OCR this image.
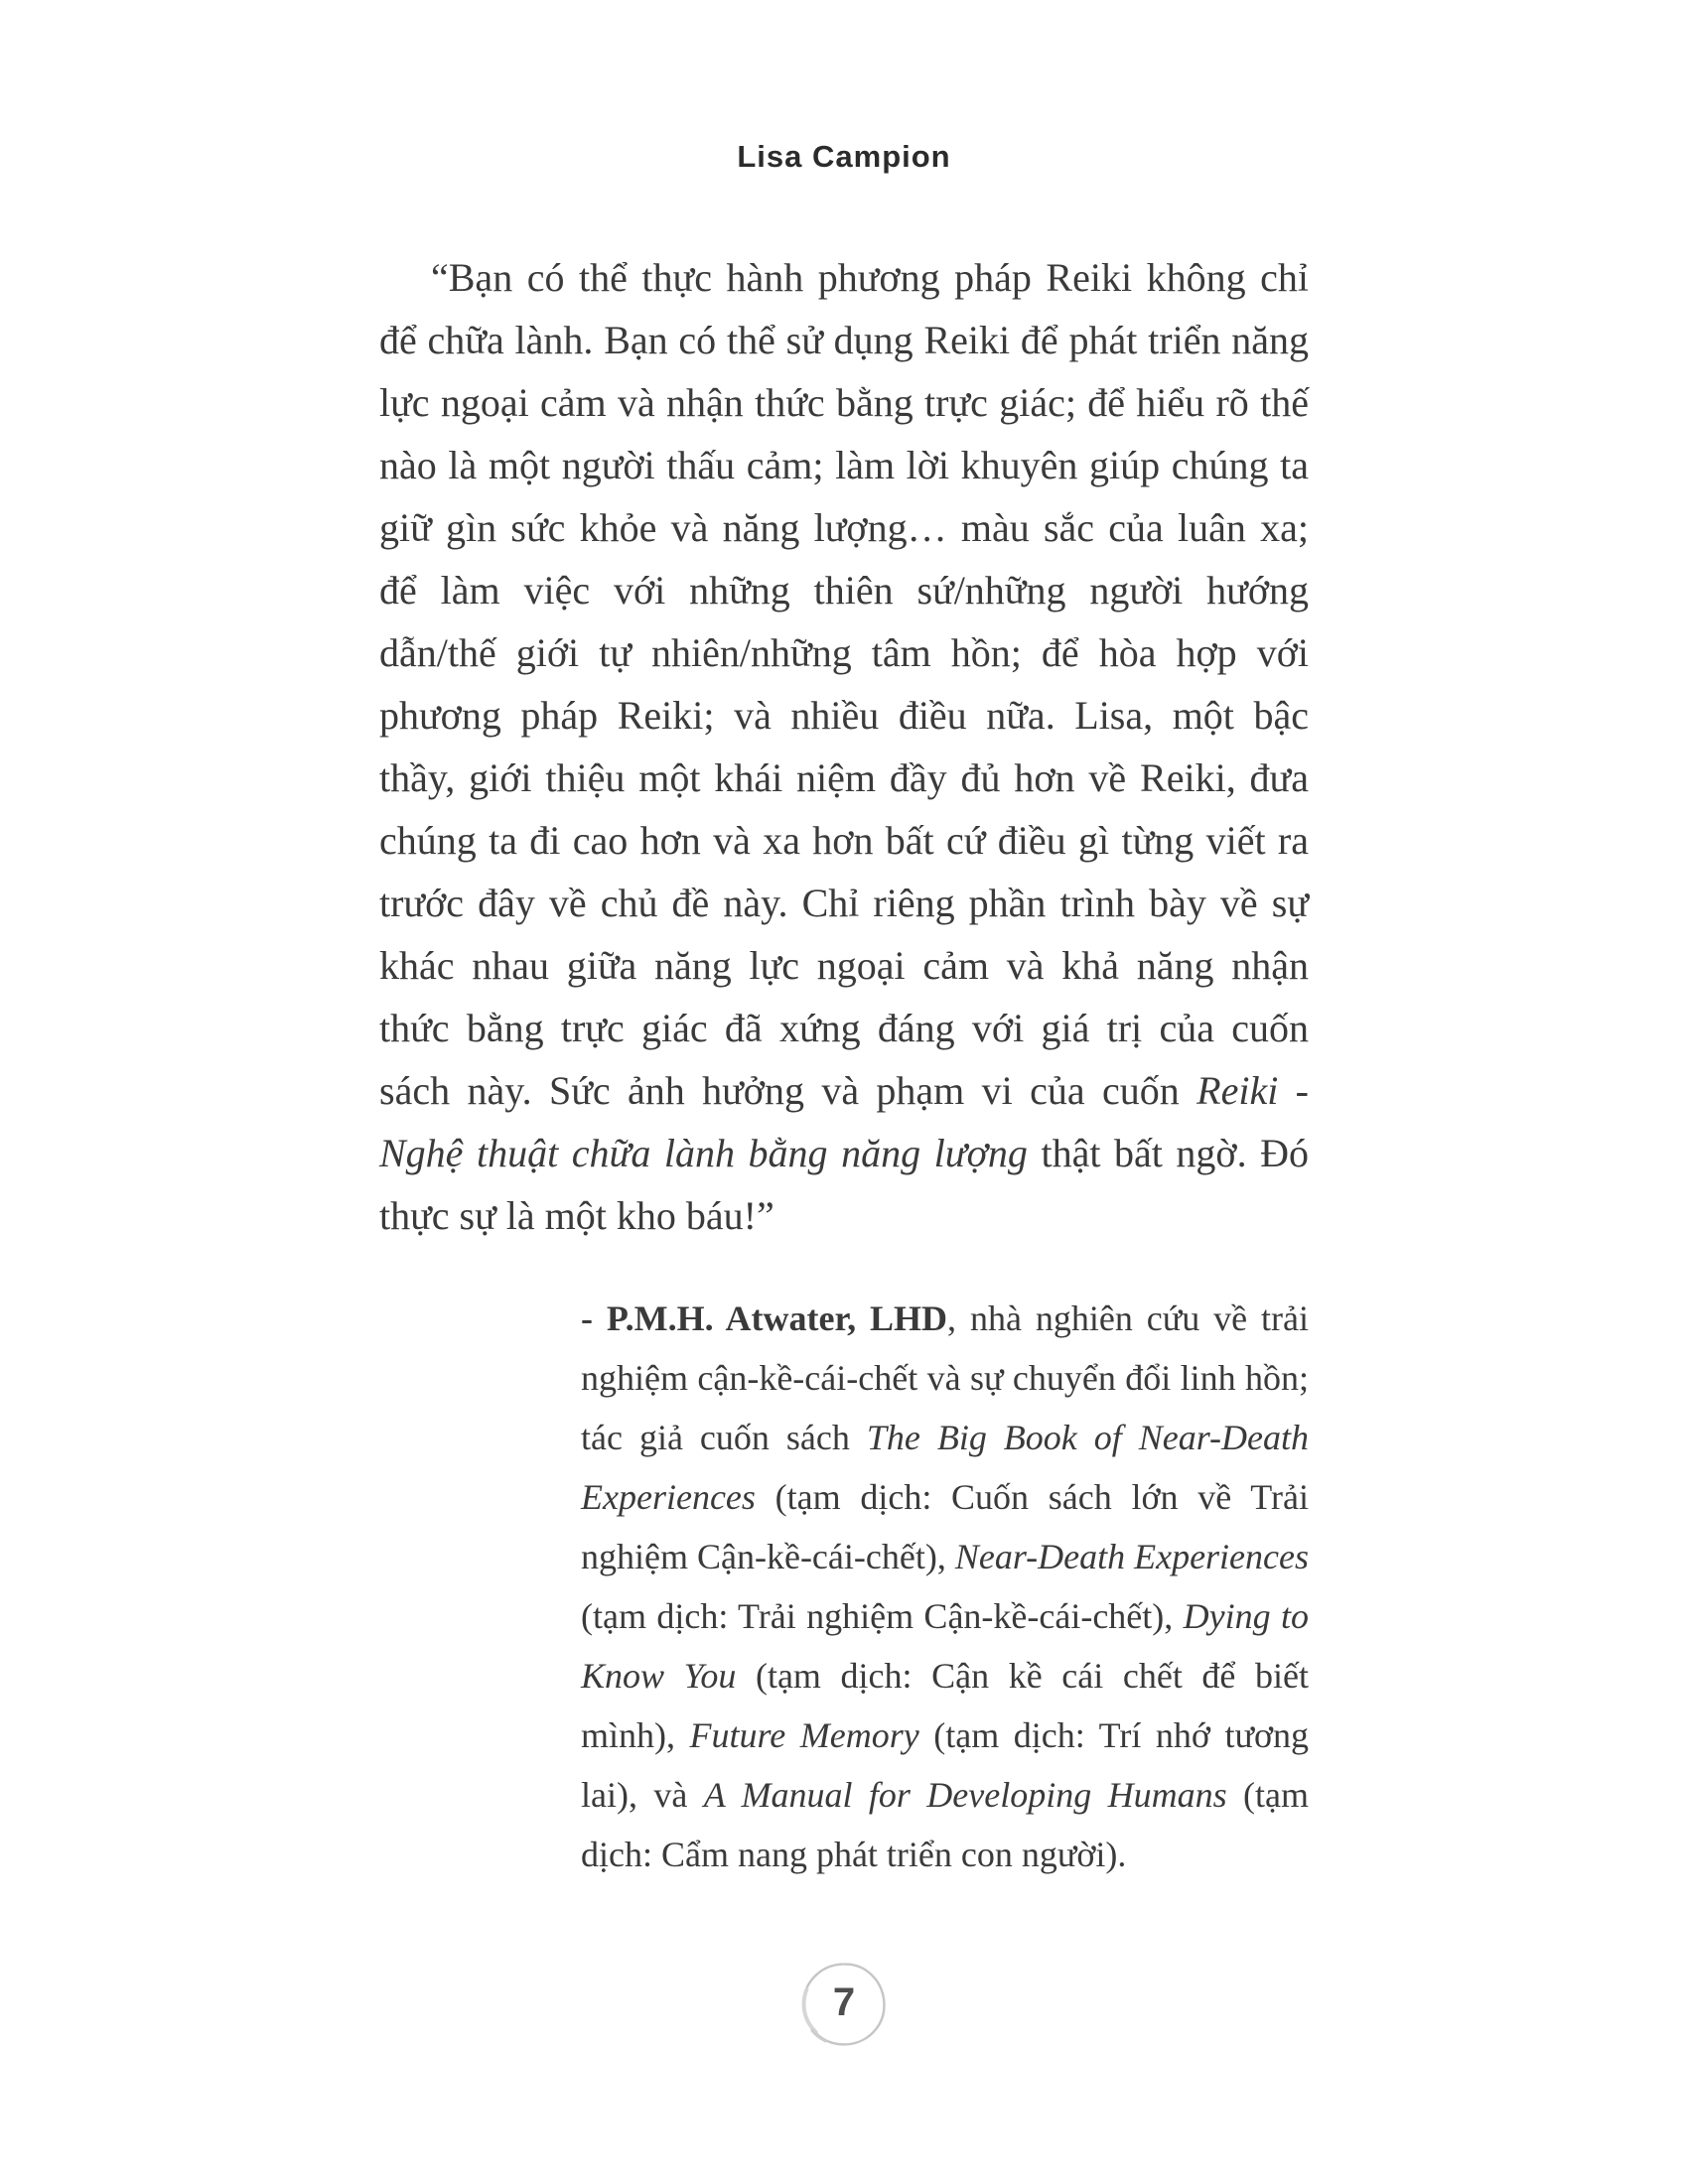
Lisa Campion

“Bạn có thể thực hành phương pháp Reiki không chỉ để chữa lành. Bạn có thể sử dụng Reiki để phát triển năng lực ngoại cảm và nhận thức bằng trực giác; để hiểu rõ thế nào là một người thấu cảm; làm lời khuyên giúp chúng ta giữ gìn sức khỏe và năng lượng… màu sắc của luân xa; để làm việc với những thiên sứ/những người hướng dẫn/thế giới tự nhiên/những tâm hồn; để hòa hợp với phương pháp Reiki; và nhiều điều nữa. Lisa, một bậc thầy, giới thiệu một khái niệm đầy đủ hơn về Reiki, đưa chúng ta đi cao hơn và xa hơn bất cứ điều gì từng viết ra trước đây về chủ đề này. Chỉ riêng phần trình bày về sự khác nhau giữa năng lực ngoại cảm và khả năng nhận thức bằng trực giác đã xứng đáng với giá trị của cuốn sách này. Sức ảnh hưởng và phạm vi của cuốn Reiki - Nghệ thuật chữa lành bằng năng lượng thật bất ngờ. Đó thực sự là một kho báu!”

- P.M.H. Atwater, LHD, nhà nghiên cứu về trải nghiệm cận-kề-cái-chết và sự chuyển đổi linh hồn; tác giả cuốn sách The Big Book of Near-Death Experiences (tạm dịch: Cuốn sách lớn về Trải nghiệm Cận-kề-cái-chết), Near-Death Experiences (tạm dịch: Trải nghiệm Cận-kề-cái-chết), Dying to Know You (tạm dịch: Cận kề cái chết để biết mình), Future Memory (tạm dịch: Trí nhớ tương lai), và A Manual for Developing Humans (tạm dịch: Cẩm nang phát triển con người).

7
